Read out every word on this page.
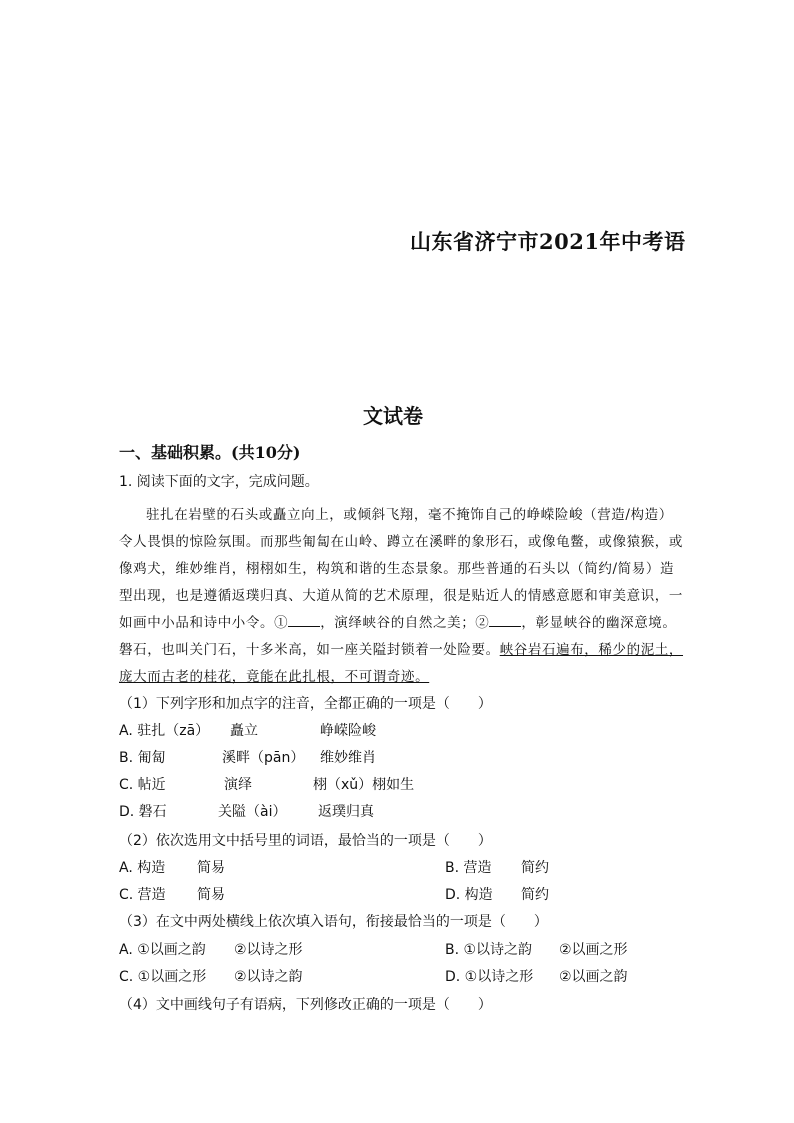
山东省济宁市2021年中考语
文试卷
一、基础积累。(共10分)
1. 阅读下面的文字，完成问题。
驻扎在岩壁的石头或矗立向上，或倾斜飞翔，毫不掩饰自己的峥嵘险峻（营造/构造）
令人畏惧的惊险氛围。而那些匍匐在山岭、蹲立在溪畔的象形石，或像龟鳖，或像猿猴，或
像鸡犬，维妙维肖，栩栩如生，构筑和谐的生态景象。那些普通的石头以（简约/简易）造
型出现，也是遵循返璞归真、大道从简的艺术原理，很是贴近人的情感意愿和审美意识，一
如画中小品和诗中小令。① ，演绎峡谷的自然之美；② ，彰显峡谷的幽深意境。
磐石，也叫关门石，十多米高，如一座关隘封锁着一处险要。峡谷岩石遍布，稀少的泥土，
庞大而古老的桂花，竟能在此扎根，不可谓奇迹。
（1）下列字形和加点字的注音，全都正确的一项是（　　）
A. 驻扎（zā） 矗立	峥嵘险峻
B. 匍匐	溪畔（pān） 维妙维肖
C. 帖近	演绎	栩（xǔ）栩如生
D. 磐石	关隘（ài） 返璞归真
（2）依次选用文中括号里的词语，最恰当的一项是（　　）
A. 构造 简易	B. 营造 简约
C. 营造 简易	D. 构造 简约
（3）在文中两处横线上依次填入语句，衔接最恰当的一项是（　　）
A. ①以画之韵 ②以诗之形	B. ①以诗之韵 ②以画之形
C. ①以画之形 ②以诗之韵	D. ①以诗之形 ②以画之韵
（4）文中画线句子有语病，下列修改正确的一项是（　　）
